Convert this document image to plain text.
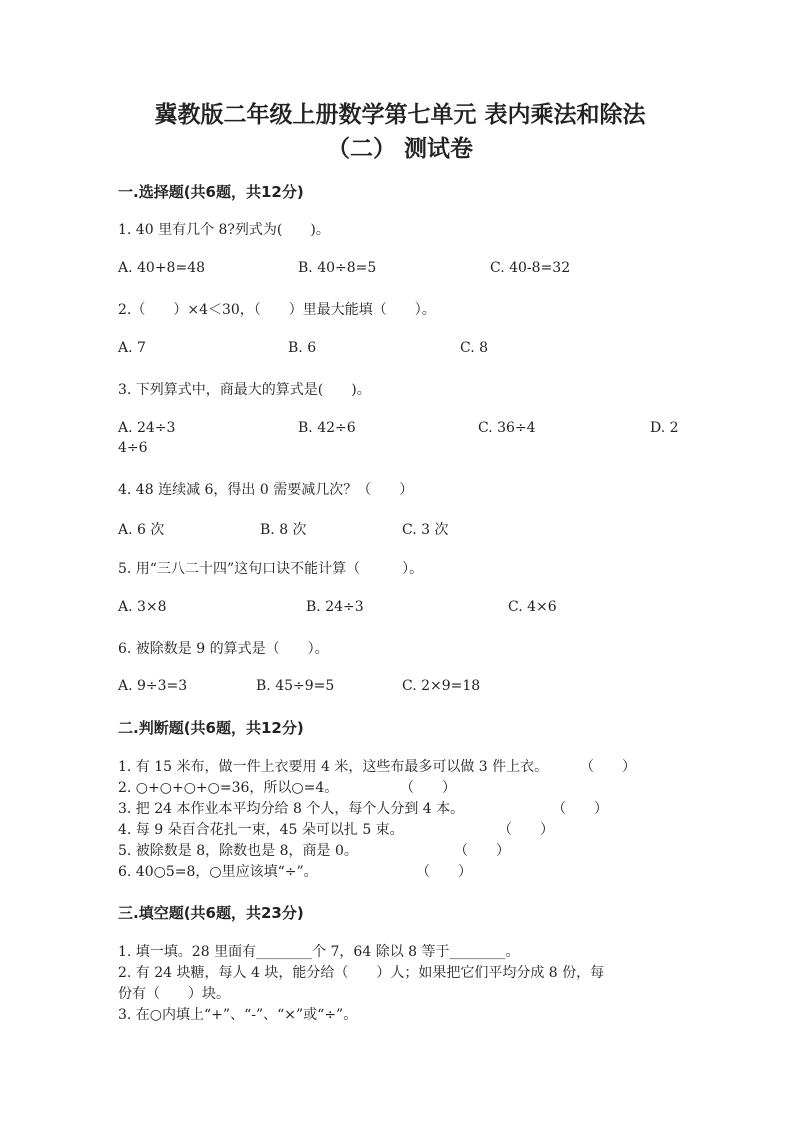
冀教版二年级上册数学第七单元 表内乘法和除法
（二） 测试卷
一.选择题(共6题，共12分)
1. 40 里有几个 8?列式为(　　)。
A. 40+8=48	B. 40÷8=5	C. 40-8=32
2.（　　）×4＜30，（　　）里最大能填（　　）。
A. 7	B. 6	C. 8
3. 下列算式中，商最大的算式是(　　)。
A. 24÷3	B. 42÷6	C. 36÷4	D. 2
4÷6
4. 48 连续减 6，得出 0 需要减几次？（　　）
A. 6 次	B. 8 次	C. 3 次
5. 用“三八二十四”这句口诀不能计算（　　　）。
A. 3×8	B. 24÷3	C. 4×6
6. 被除数是 9 的算式是（　　）。
A. 9÷3=3	B. 45÷9=5	C. 2×9=18
二.判断题(共6题，共12分)
1. 有 15 米布，做一件上衣要用 4 米，这些布最多可以做 3 件上衣。 （　　）
2. ○+○+○+○=36，所以○=4。	（　　）
3. 把 24 本作业本平均分给 8 个人，每个人分到 4 本。	（　　）
4. 每 9 朵百合花扎一束，45 朵可以扎 5 束。	（　　）
5. 被除数是 8，除数也是 8，商是 0。	（　　）
6. 40○5=8，○里应该填“÷”。	（　　）
三.填空题(共6题，共23分)
1. 填一填。28 里面有________个 7，64 除以 8 等于________。
2. 有 24 块糖，每人 4 块，能分给（　　）人；如果把它们平均分成 8 份，每
份有（　　）块。
3. 在○内填上“+”、“-”、“×”或“÷”。
